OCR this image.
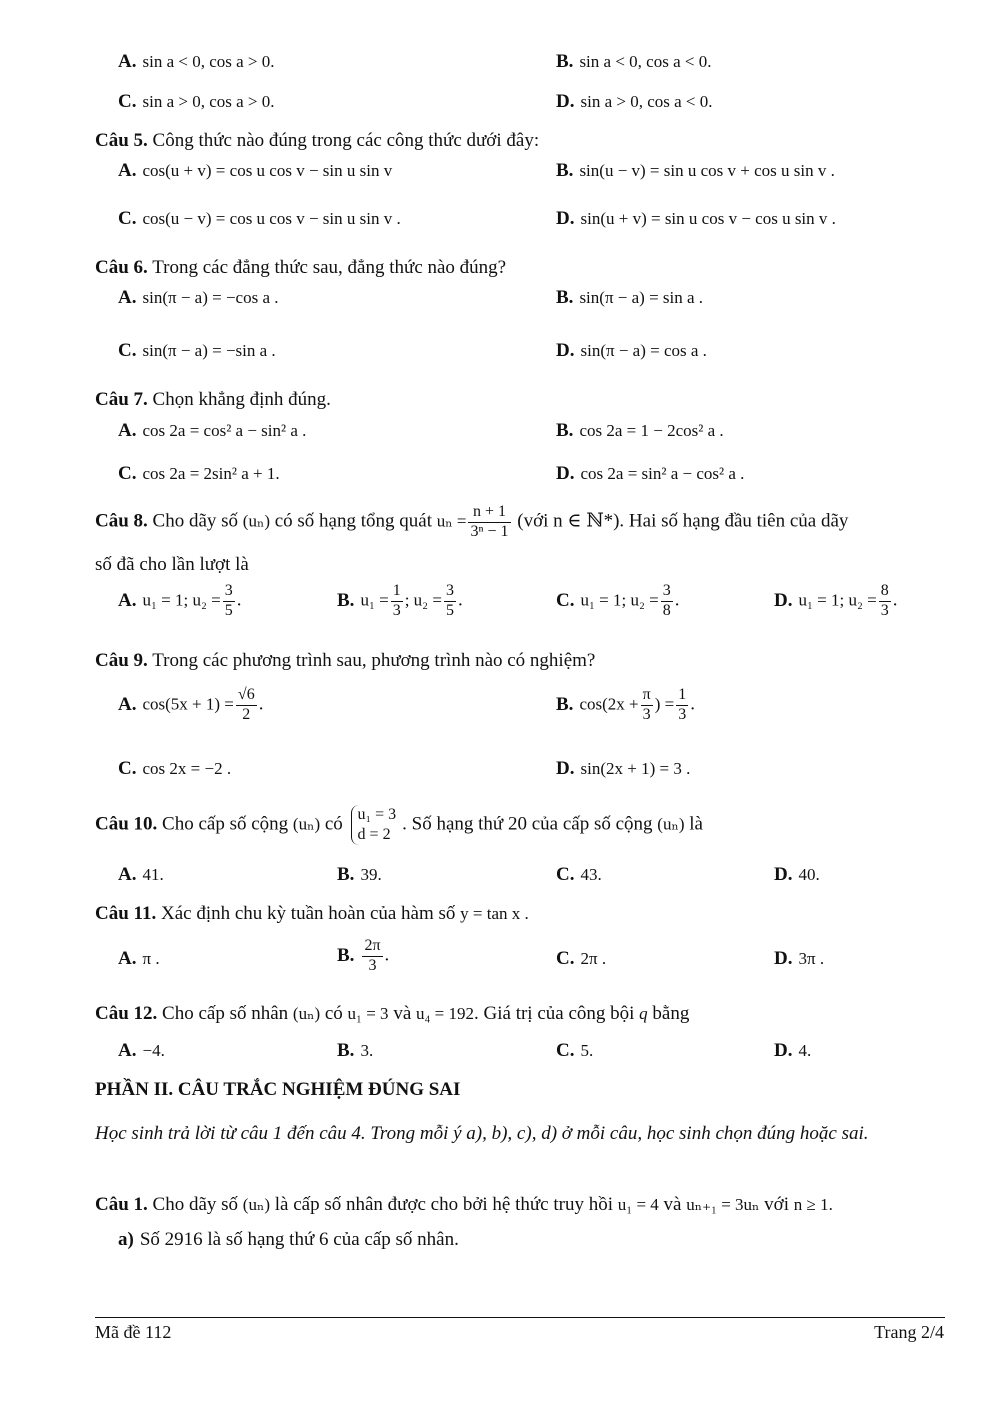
A. sin a < 0, cos a > 0.	B. sin a < 0, cos a < 0.
C. sin a > 0, cos a > 0.	D. sin a > 0, cos a < 0.
Câu 5. Công thức nào đúng trong các công thức dưới đây:
A. cos(u + v) = cos u cos v − sin u sin v	B. sin(u − v) = sin u cos v + cos u sin v .
C. cos(u − v) = cos u cos v − sin u sin v .	D. sin(u + v) = sin u cos v − cos u sin v .
Câu 6. Trong các đẳng thức sau, đẳng thức nào đúng?
A. sin(π − a) = −cos a .	B. sin(π − a) = sin a .
C. sin(π − a) = −sin a .	D. sin(π − a) = cos a .
Câu 7. Chọn khẳng định đúng.
A. cos 2a = cos² a − sin² a .	B. cos 2a = 1 − 2cos² a .
C. cos 2a = 2sin² a + 1.	D. cos 2a = sin² a − cos² a .
Câu 8. Cho dãy số (uₙ) có số hạng tổng quát $u_n = \frac{n + 1}{\text{3ⁿ − 1}}$ (với n ∈ ℕ*). Hai số hạng đầu tiên của dãy
số đã cho lần lượt là
A. u₁ = 1; $u_2 = \frac{3}{5}$ .	B. $u_1 = \frac{1}{3}$ ; $u_2 = \frac{3}{5}$ .	C. u₁ = 1; $u_2 = \frac{3}{8}$ .	D. u₁ = 1; $u_2 = \frac{8}{3}$ .
Câu 9. Trong các phương trình sau, phương trình nào có nghiệm?
A. $\cos(5x + 1) = \frac{√6}{2}$ .	B. $\cos(2x + \frac{\pi}{3}$ ) = $\frac{1}{3}$ .
C. cos 2x = −2 .	D. sin(2x + 1) = 3 .
Câu 10. Cho cấp số cộng (uₙ) có u₁ = 3
d = 2
. Số hạng thứ 20 của cấp số cộng (uₙ) là
A. 41.	B. 39.	C. 43.	D. 40.
Câu 11. Xác định chu kỳ tuần hoàn của hàm số y = tan x .
A. π .	B. $\frac{2\pi}{3}$ .	C. 2π .	D. 3π .
Câu 12. Cho cấp số nhân (uₙ) có u₁ = 3 và u₄ = 192. Giá trị của công bội q bằng
A. −4.	B. 3.	C. 5.	D. 4.
PHẦN II. CÂU TRẮC NGHIỆM ĐÚNG SAI
Học sinh trả lời từ câu 1 đến câu 4. Trong mỗi ý a), b), c), d) ở mỗi câu, học sinh chọn đúng hoặc sai.
Câu 1. Cho dãy số (uₙ) là cấp số nhân được cho bởi hệ thức truy hồi u₁ = 4 và uₙ₊₁ = 3uₙ với n ≥ 1.
a) Số 2916 là số hạng thứ 6 của cấp số nhân.
Mã đề 112	Trang 2/4
